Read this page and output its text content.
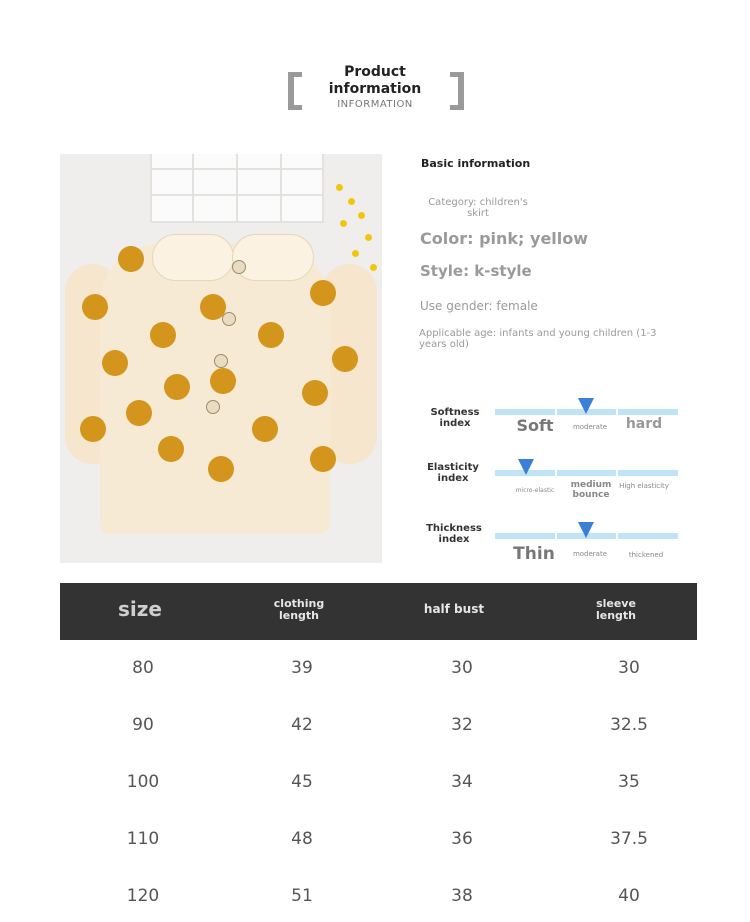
Product information
INFORMATION
Basic information
Category: children's skirt
Color: pink; yellow
Style: k-style
Use gender: female
Applicable age: infants and young children (1-3 years old)
Softness index	Soft	moderate	hard
Elasticity index
micro-elastic
medium bounce
High elasticity
Thickness index
Thin	moderate	thickened
size	clothing length	half bust	sleeve length
80	39	30	30
90	42	32	32.5
100	45	34	35
110	48	36	37.5
120	51	38	40
